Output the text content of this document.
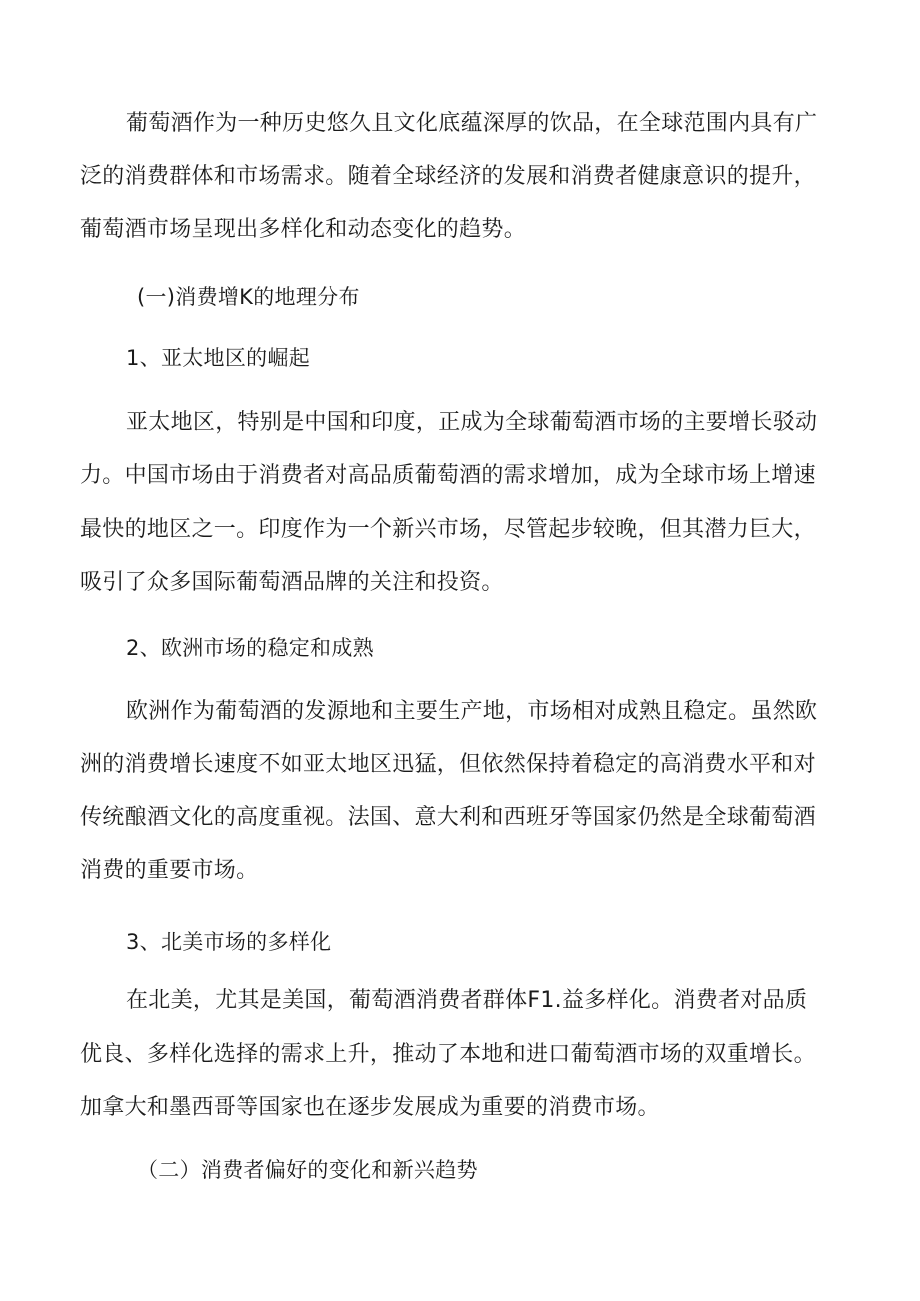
葡萄酒作为一种历史悠久且文化底蕴深厚的饮品，在全球范围内具有广

泛的消费群体和市场需求。随着全球经济的发展和消费者健康意识的提升，

葡萄酒市场呈现出多样化和动态变化的趋势。

(一)消费增K的地理分布

1、亚太地区的崛起

亚太地区，特别是中国和印度，正成为全球葡萄酒市场的主要增长驳动

力。中国市场由于消费者对高品质葡萄酒的需求增加，成为全球市场上增速

最快的地区之一。印度作为一个新兴市场，尽管起步较晚，但其潜力巨大，

吸引了众多国际葡萄酒品牌的关注和投资。

2、欧洲市场的稳定和成熟

欧洲作为葡萄酒的发源地和主要生产地，市场相对成熟且稳定。虽然欧

洲的消费增长速度不如亚太地区迅猛，但依然保持着稳定的高消费水平和对

传统酿酒文化的高度重视。法国、意大利和西班牙等国家仍然是全球葡萄酒

消费的重要市场。

3、北美市场的多样化

在北美，尤其是美国，葡萄酒消费者群体F1.益多样化。消费者对品质

优良、多样化选择的需求上升，推动了本地和进口葡萄酒市场的双重增长。

加拿大和墨西哥等国家也在逐步发展成为重要的消费市场。

（二）消费者偏好的变化和新兴趋势
